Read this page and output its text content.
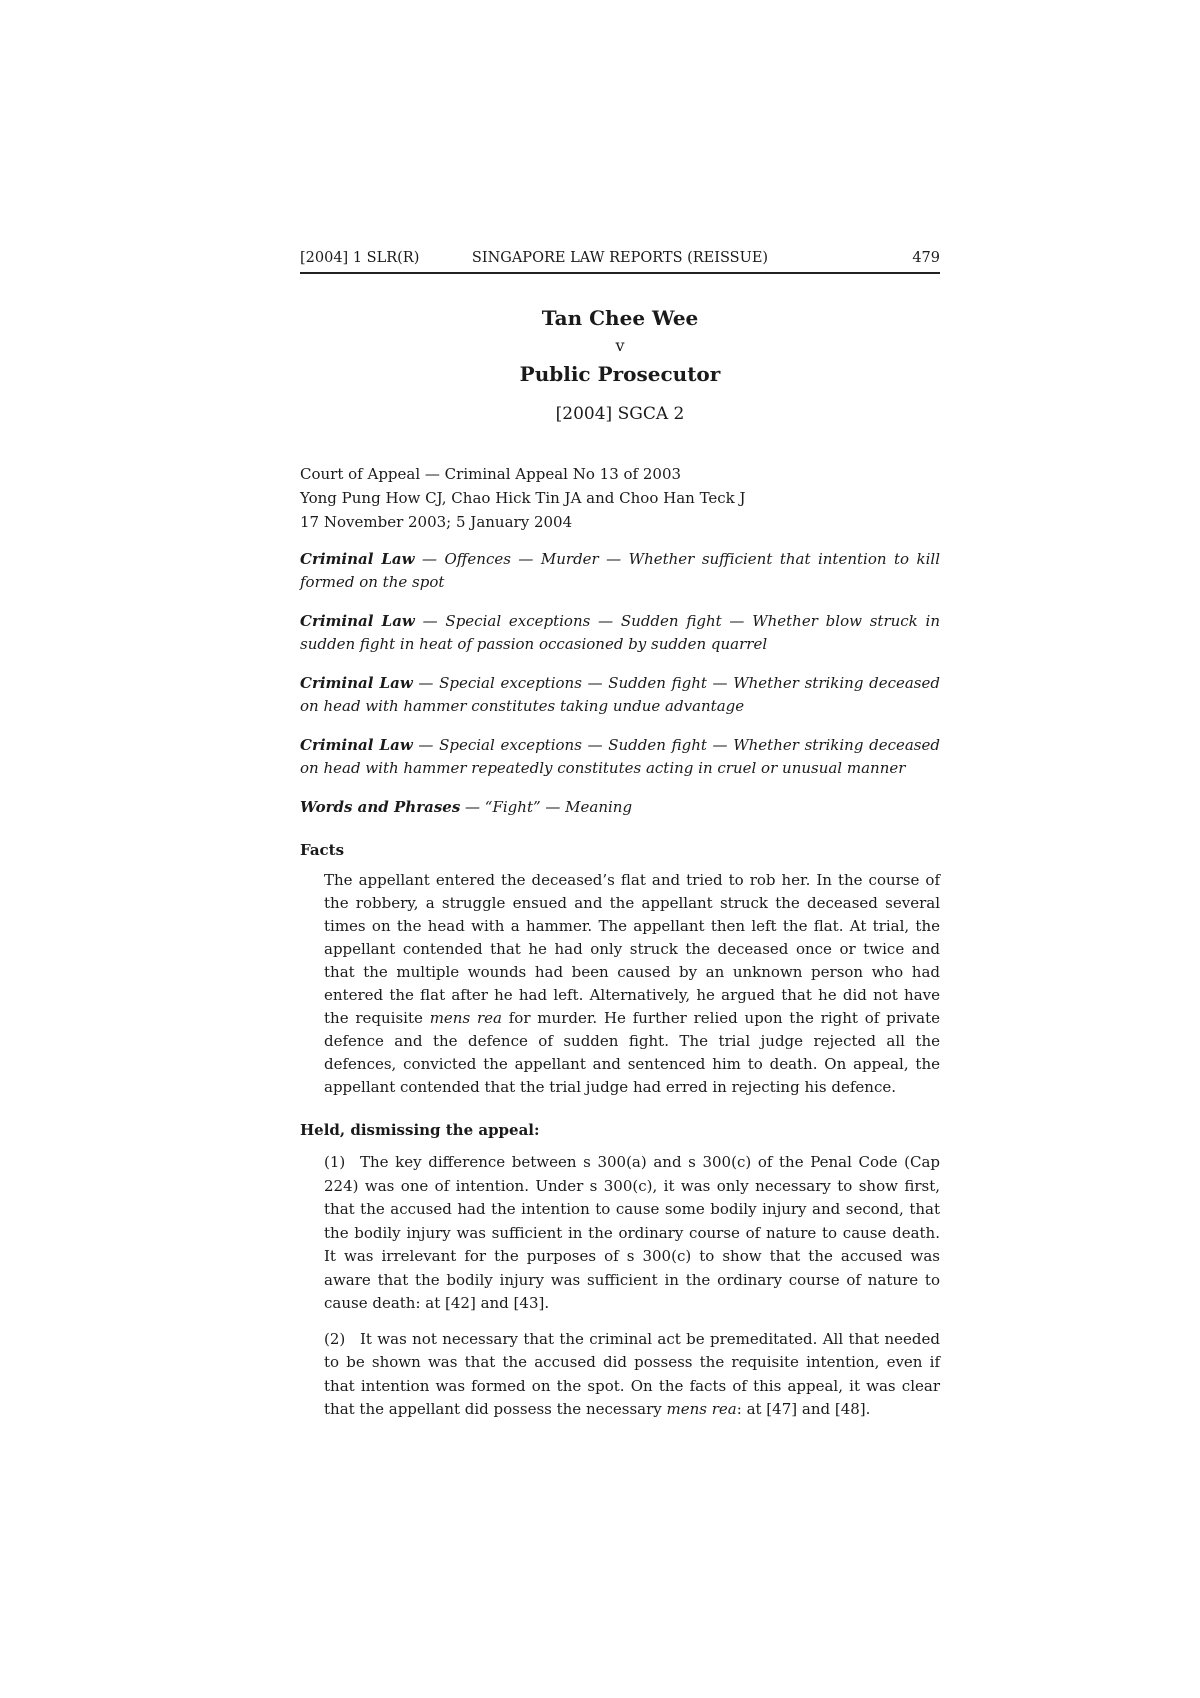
[2004] 1 SLR(R)	SINGAPORE LAW REPORTS (REISSUE)	479
Tan Chee Wee
v
Public Prosecutor
[2004] SGCA 2
Court of Appeal — Criminal Appeal No 13 of 2003
Yong Pung How CJ, Chao Hick Tin JA and Choo Han Teck J
17 November 2003; 5 January 2004
Criminal Law — Offences — Murder — Whether sufficient that intention to kill formed on the spot
Criminal Law — Special exceptions — Sudden fight — Whether blow struck in sudden fight in heat of passion occasioned by sudden quarrel
Criminal Law — Special exceptions — Sudden fight — Whether striking deceased on head with hammer constitutes taking undue advantage
Criminal Law — Special exceptions — Sudden fight — Whether striking deceased on head with hammer repeatedly constitutes acting in cruel or unusual manner
Words and Phrases — “Fight” — Meaning
Facts
The appellant entered the deceased’s flat and tried to rob her. In the course of the robbery, a struggle ensued and the appellant struck the deceased several times on the head with a hammer. The appellant then left the flat. At trial, the appellant contended that he had only struck the deceased once or twice and that the multiple wounds had been caused by an unknown person who had entered the flat after he had left. Alternatively, he argued that he did not have the requisite mens rea for murder. He further relied upon the right of private defence and the defence of sudden fight. The trial judge rejected all the defences, convicted the appellant and sentenced him to death. On appeal, the appellant contended that the trial judge had erred in rejecting his defence.
Held, dismissing the appeal:
(1) The key difference between s 300(a) and s 300(c) of the Penal Code (Cap 224) was one of intention. Under s 300(c), it was only necessary to show first, that the accused had the intention to cause some bodily injury and second, that the bodily injury was sufficient in the ordinary course of nature to cause death. It was irrelevant for the purposes of s 300(c) to show that the accused was aware that the bodily injury was sufficient in the ordinary course of nature to cause death: at [42] and [43].
(2) It was not necessary that the criminal act be premeditated. All that needed to be shown was that the accused did possess the requisite intention, even if that intention was formed on the spot. On the facts of this appeal, it was clear that the appellant did possess the necessary mens rea: at [47] and [48].
